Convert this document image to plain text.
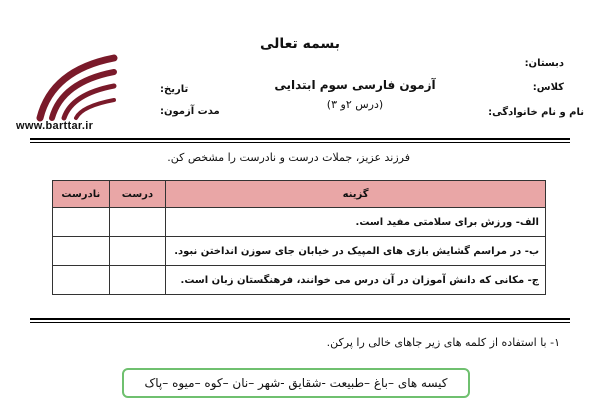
بسمه تعالی
دبستان:
کلاس:
نام و نام خانوادگی:
آزمون فارسی سوم ابتدایی
(درس ۲و ۳)
تاریخ:
مدت آزمون:
www.barttar.ir
فرزند عزیز، جملات درست و نادرست را مشخص کن.
گزینه	درست	نادرست
الف- ورزش برای سلامتی مفید است.		
ب- در مراسم گشایش بازی های المپیک در خیابان جای سوزن انداختن نبود.		
ج- مکانی که دانش آموزان در آن درس می خوانند، فرهنگستان زبان است.		
۱- با استفاده از کلمه های زیر جاهای خالی را پرکن.
کیسه های –باغ –طبیعت -شقایق -شهر –نان –کوه –میوه –پاک
